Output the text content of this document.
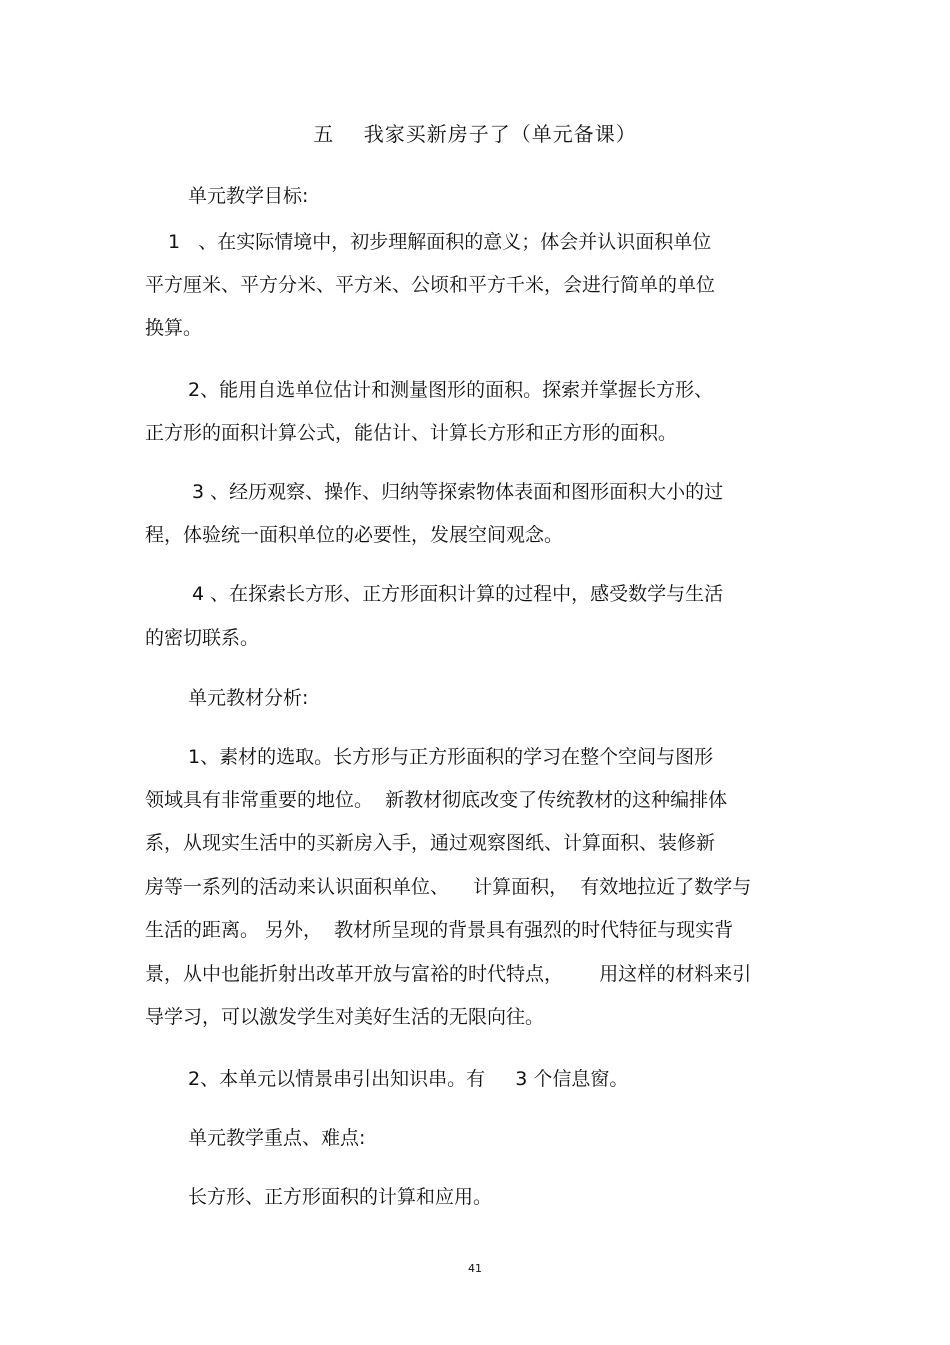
五    我家买新房子了（单元备课）
单元教学目标:
1   、在实际情境中，初步理解面积的意义；体会并认识面积单位
平方厘米、平方分米、平方米、公顷和平方千米，会进行简单的单位
换算。
2、能用自选单位估计和测量图形的面积。探索并掌握长方形、
正方形的面积计算公式，能估计、计算长方形和正方形的面积。
3 、经历观察、操作、归纳等探索物体表面和图形面积大小的过
程，体验统一面积单位的必要性，发展空间观念。
4 、在探索长方形、正方形面积计算的过程中，感受数学与生活
的密切联系。
单元教材分析:
1、素材的选取。长方形与正方形面积的学习在整个空间与图形
领域具有非常重要的地位。  新教材彻底改变了传统教材的这种编排体
系，从现实生活中的买新房入手，通过观察图纸、计算面积、装修新
房等一系列的活动来认识面积单位、    计算面积，  有效地拉近了数学与
生活的距离。 另外，  教材所呈现的背景具有强烈的时代特征与现实背
景，从中也能折射出改革开放与富裕的时代特点，      用这样的材料来引
导学习，可以激发学生对美好生活的无限向往。
2、本单元以情景串引出知识串。有     3 个信息窗。
单元教学重点、难点:
长方形、正方形面积的计算和应用。
41
